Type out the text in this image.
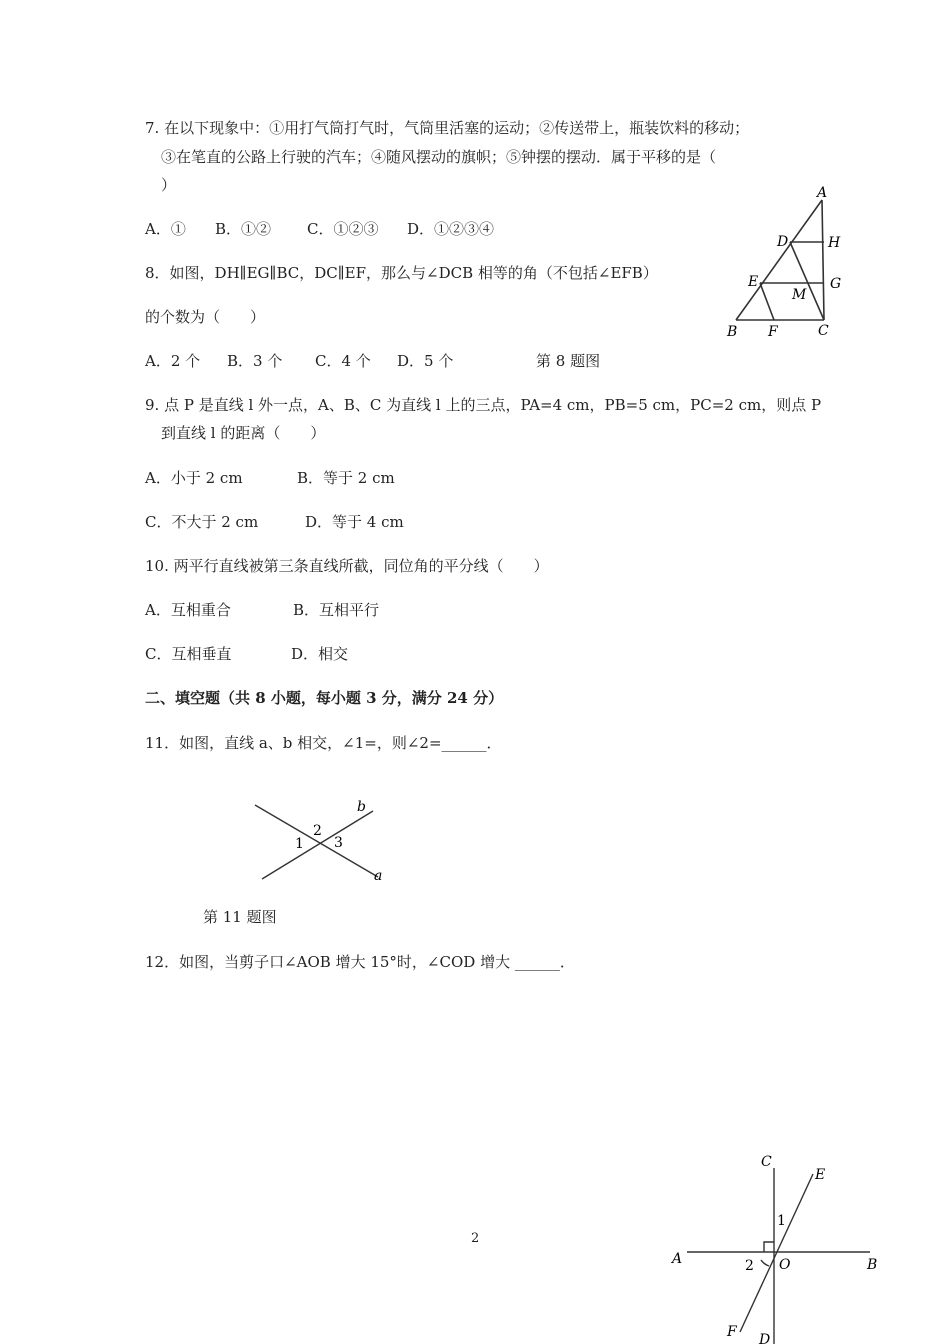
7. 在以下现象中：①用打气筒打气时，气筒里活塞的运动；②传送带上，瓶装饮料的移动；
③在笔直的公路上行驶的汽车；④随风摆动的旗帜；⑤钟摆的摆动．属于平移的是（
）
A．① B．①② C．①②③ D．①②③④
8．如图，DH∥EG∥BC，DC∥EF，那么与∠DCB 相等的角（不包括∠EFB）
的个数为（　　）
A．2 个 B．3 个 C．4 个 D．5 个	第 8 题图
A
D	H
E	G
M
B F	C
9. 点 P 是直线 l 外一点，A、B、C 为直线 l 上的三点，PA=4 cm，PB=5 cm，PC=2 cm，则点 P
到直线 l 的距离（　　）
A．小于 2 cm	B．等于 2 cm
C．不大于 2 cm	D．等于 4 cm
10. 两平行直线被第三条直线所截，同位角的平分线（　　）
A．互相重合	B．互相平行
C．互相垂直	D．相交
二、填空题（共 8 小题，每小题 3 分，满分 24 分）
11．如图，直线 a、b 相交，∠1=，则∠2=______．
b
a
1
2
3
第 11 题图
12．如图，当剪子口∠AOB 增大 15°时，∠COD 增大 ______．
2
C
E
A	O	B
F D
1
2
